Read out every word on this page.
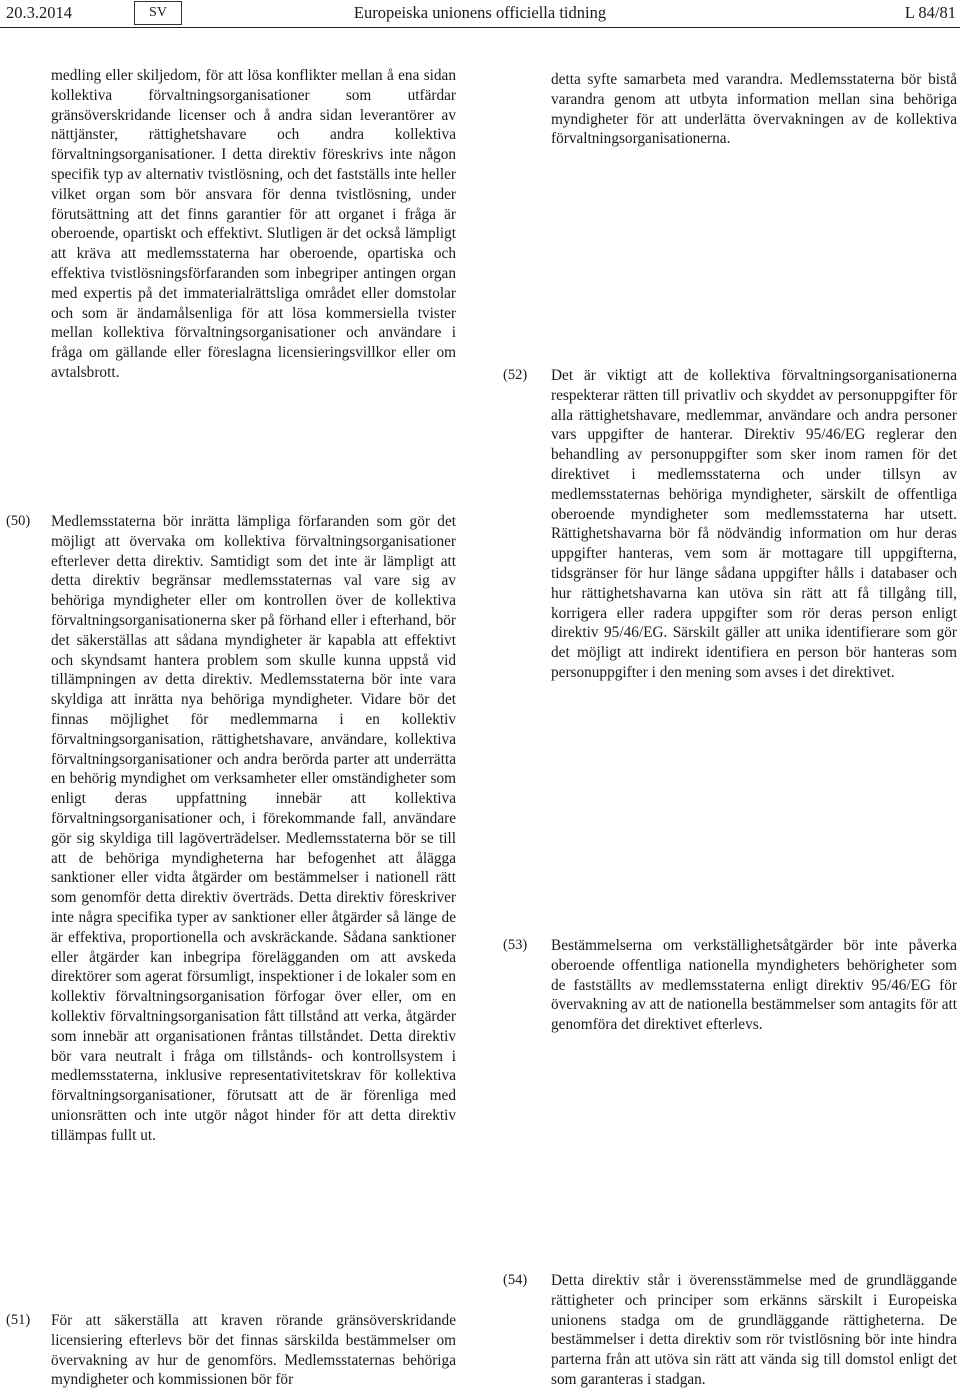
20.3.2014	SV	Europeiska unionens officiella tidning	L 84/81

medling eller skiljedom, för att lösa konflikter mellan å ena sidan kollektiva förvaltningsorganisationer som utfärdar gränsöverskridande licenser och å andra sidan leverantörer av nättjänster, rättighetshavare och andra kollektiva förvaltningsorganisationer. I detta direktiv föreskrivs inte någon specifik typ av alternativ tvistlösning, och det fastställs inte heller vilket organ som bör ansvara för denna tvistlösning, under förutsättning att det finns garantier för att organet i fråga är oberoende, opartiskt och effektivt. Slutligen är det också lämpligt att kräva att medlemsstaterna har oberoende, opartiska och effektiva tvistlösningsförfaranden som inbegriper antingen organ med expertis på det immaterialrättsliga området eller domstolar och som är ändamålsenliga för att lösa kommersiella tvister mellan kollektiva förvaltningsorganisationer och användare i fråga om gällande eller föreslagna licensieringsvillkor eller om avtalsbrott.

(50) Medlemsstaterna bör inrätta lämpliga förfaranden som gör det möjligt att övervaka om kollektiva förvaltningsorganisationer efterlever detta direktiv. Samtidigt som det inte är lämpligt att detta direktiv begränsar medlemsstaternas val vare sig av behöriga myndigheter eller om kontrollen över de kollektiva förvaltningsorganisationerna sker på förhand eller i efterhand, bör det säkerställas att sådana myndigheter är kapabla att effektivt och skyndsamt hantera problem som skulle kunna uppstå vid tillämpningen av detta direktiv. Medlemsstaterna bör inte vara skyldiga att inrätta nya behöriga myndigheter. Vidare bör det finnas möjlighet för medlemmarna i en kollektiv förvaltningsorganisation, rättighetshavare, användare, kollektiva förvaltningsorganisationer och andra berörda parter att underrätta en behörig myndighet om verksamheter eller omständigheter som enligt deras uppfattning innebär att kollektiva förvaltningsorganisationer och, i förekommande fall, användare gör sig skyldiga till lagöverträdelser. Medlemsstaterna bör se till att de behöriga myndigheterna har befogenhet att ålägga sanktioner eller vidta åtgärder om bestämmelser i nationell rätt som genomför detta direktiv överträds. Detta direktiv föreskriver inte några specifika typer av sanktioner eller åtgärder så länge de är effektiva, proportionella och avskräckande. Sådana sanktioner eller åtgärder kan inbegripa förelägganden om att avskeda direktörer som agerat försumligt, inspektioner i de lokaler som en kollektiv förvaltningsorganisation förfogar över eller, om en kollektiv förvaltningsorganisation fått tillstånd att verka, åtgärder som innebär att organisationen fråntas tillståndet. Detta direktiv bör vara neutralt i fråga om tillstånds- och kontrollsystem i medlemsstaterna, inklusive representativitetskrav för kollektiva förvaltningsorganisationer, förutsatt att de är förenliga med unionsrätten och inte utgör något hinder för att detta direktiv tillämpas fullt ut.

(51) För att säkerställa att kraven rörande gränsöverskridande licensiering efterlevs bör det finnas särskilda bestämmelser om övervakning av hur de genomförs. Medlemsstaternas behöriga myndigheter och kommissionen bör för

detta syfte samarbeta med varandra. Medlemsstaterna bör bistå varandra genom att utbyta information mellan sina behöriga myndigheter för att underlätta övervakningen av de kollektiva förvaltningsorganisationerna.

(52) Det är viktigt att de kollektiva förvaltningsorganisationerna respekterar rätten till privatliv och skyddet av personuppgifter för alla rättighetshavare, medlemmar, användare och andra personer vars uppgifter de hanterar. Direktiv 95/46/EG reglerar den behandling av personuppgifter som sker inom ramen för det direktivet i medlemsstaterna och under tillsyn av medlemsstaternas behöriga myndigheter, särskilt de offentliga oberoende myndigheter som medlemsstaterna har utsett. Rättighetshavarna bör få nödvändig information om hur deras uppgifter hanteras, vem som är mottagare till uppgifterna, tidsgränser för hur länge sådana uppgifter hålls i databaser och hur rättighetshavarna kan utöva sin rätt att få tillgång till, korrigera eller radera uppgifter som rör deras person enligt direktiv 95/46/EG. Särskilt gäller att unika identifierare som gör det möjligt att indirekt identifiera en person bör hanteras som personuppgifter i den mening som avses i det direktivet.

(53) Bestämmelserna om verkställighetsåtgärder bör inte påverka oberoende offentliga nationella myndigheters behörigheter som de fastställts av medlemsstaterna enligt direktiv 95/46/EG för övervakning av att de nationella bestämmelser som antagits för att genomföra det direktivet efterlevs.

(54) Detta direktiv står i överensstämmelse med de grundläggande rättigheter och principer som erkänns särskilt i Europeiska unionens stadga om de grundläggande rättigheterna. De bestämmelser i detta direktiv som rör tvistlösning bör inte hindra parterna från att utöva sin rätt att vända sig till domstol enligt det som garanteras i stadgan.
